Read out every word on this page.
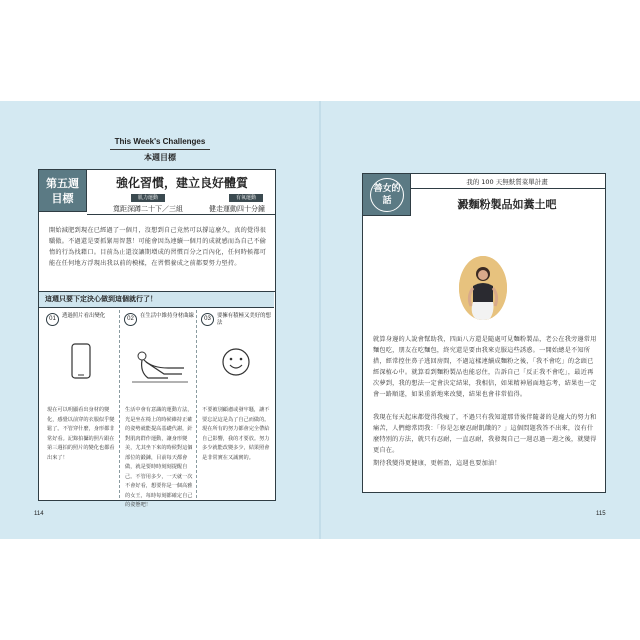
This Week's Challenges
本週目標
第五週
目標
強化習慣，建立良好體質
肌力運動	有氧運動
寬距深蹲二十下／三組	健走運動四十分鐘
開始減肥到現在已經過了一個月，沒想到自己竟然可以撐這麼久，真的覺得很驕傲。不過還是要抓緊用智慧！可能會因為連續一個月的成就感而為自己不偷惰的行為找藉口。目前為止還沒讓期增成的習慣百分之百內化，任何時候都可能在任何地方浮現出我以前的模樣，在習慣養成之前都要努力堅持。
這週只要下定決心做到這個就行了！
01	透過照片看出變化
現在可以明顯看出身材的變化，感覺以前穿的衣服似乎變鬆了。不管穿什麼，身形都非常好看。記錄拍攝的照片跟在第三週拍的照片的變化也都看出來了！
02	在生活中維持身材曲線
生活中會有意識的運動方法，光是坐在椅上的時候維持正確的姿勢就能提高基礎代謝，針對肌肉群作運動，讓身形變美，尤其坐下來的時候對這個部位的鍛鍊，目前每天都會做，就是要時時刻刻提醒自己。不管用多少，一天就一次不會好看，想要你是一個高雅的女王，每時每刻都確定自己的姿態吧！
03	要擁有積極又美好的想法
不要被別顧慮或發牢騷，讓不要忘記這是為了自己而做的。現在所有的努力都會完全帶給自己影響，我的才要放。努力多少就能改變多少，結果照會是非常實在又誠實的。
114
善女的話
我的 100 天無麩質菜單計畫
澱麵粉製品如糞土吧
就算身邊的人說會幫助我，四面八方還是隨處可見麵粉製品，老公在我旁邊常用麵包吃，朋友在吃麵包，終究還是要由我來克服這些誘惑。一開始總是不知所措，經常控住鼻子逃回房間，不過這樣連續成麵粉之後，「我不會吃」的念頭已經深植心中。就算看到麵粉製品也能忍住，告訴自己「反正我不會吃」，最近再次夢到，我的想法一定會決定結果，我相信，如果精神層面地忘考，結果也一定會一路順遂，如果重新地來改變，結果也會非常值得。
我現在每天起床都覺得我瘦了，不過只有我知道那背後伴隨著的是龐大的努力和痛苦，人們總常問我：「你是怎麼忍耐飢餓的？」這個問題我答不出來，沒有什麼特別的方法，就只有忍耐，一直忍耐，我發現自己一週忍過一週之後，就變得更自在。
期待我變得更健康，更輕盈，這週也要加油！
115
